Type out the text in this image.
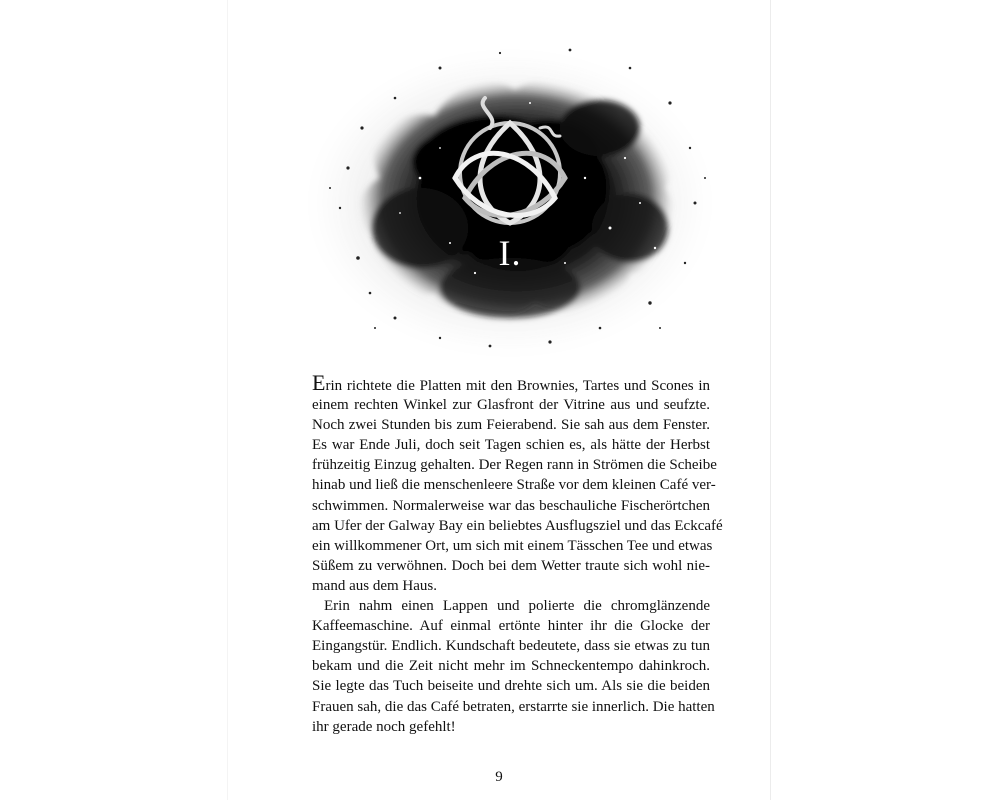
I.
Erin richtete die Platten mit den Brownies, Tartes und Scones in
einem rechten Winkel zur Glasfront der Vitrine aus und seufzte.
Noch zwei Stunden bis zum Feierabend. Sie sah aus dem Fenster.
Es war Ende Juli, doch seit Tagen schien es, als hätte der Herbst
frühzeitig Einzug gehalten. Der Regen rann in Strömen die Scheibe
hinab und ließ die menschenleere Straße vor dem kleinen Café ver-
schwimmen. Normalerweise war das beschauliche Fischerörtchen
am Ufer der Galway Bay ein beliebtes Ausflugsziel und das Eckcafé
ein willkommener Ort, um sich mit einem Tässchen Tee und etwas
Süßem zu verwöhnen. Doch bei dem Wetter traute sich wohl nie-
mand aus dem Haus.
Erin nahm einen Lappen und polierte die chromglänzende
Kaffeemaschine. Auf einmal ertönte hinter ihr die Glocke der
Eingangstür. Endlich. Kundschaft bedeutete, dass sie etwas zu tun
bekam und die Zeit nicht mehr im Schneckentempo dahinkroch.
Sie legte das Tuch beiseite und drehte sich um. Als sie die beiden
Frauen sah, die das Café betraten, erstarrte sie innerlich. Die hatten
ihr gerade noch gefehlt!
9
